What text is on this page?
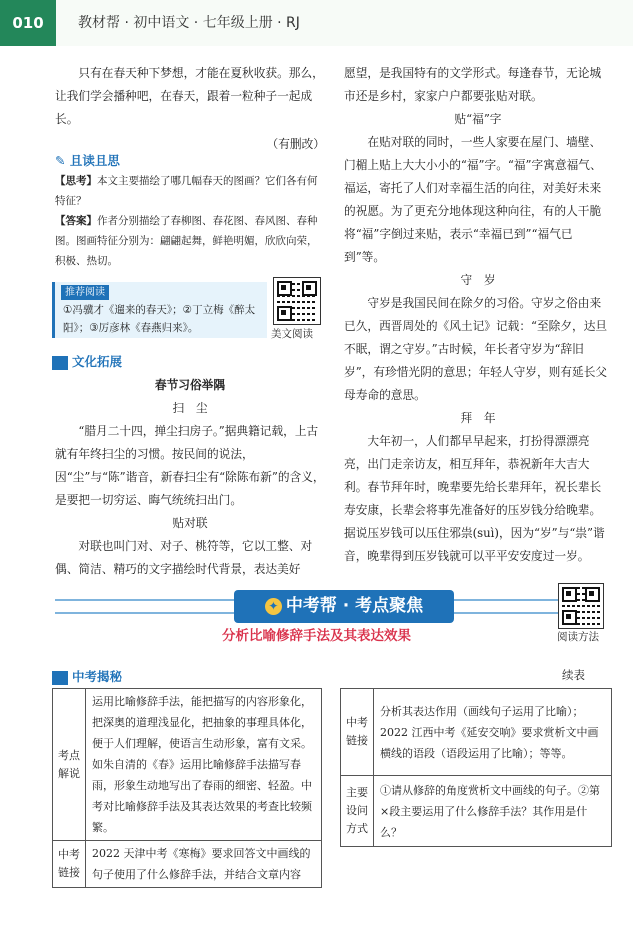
010	教材帮 · 初中语文 · 七年级上册 · RJ

只有在春天种下梦想，才能在夏秋收获。那么，让我们学会播种吧，在春天，跟着一粒种子一起成长。

（有删改）

✎ 且读且思

【思考】本文主要描绘了哪几幅春天的图画？它们各有何特征？

【答案】作者分别描绘了春柳图、春花图、春风图、春种图。图画特征分别为：翩翩起舞，鲜艳明媚，欣欣向荣，积极、热切。

推荐阅读
①冯骥才《遛来的春天》；②丁立梅《醉太阳》；③厉彦林《春燕归来》。	美文阅读
文化拓展

春节习俗举隅

扫　尘

“腊月二十四，掸尘扫房子。”据典籍记载，上古就有年终扫尘的习惯。按民间的说法，因“尘”与“陈”谐音，新春扫尘有“除陈布新”的含义，是要把一切穷运、晦气统统扫出门。

贴对联

对联也叫门对、对子、桃符等，它以工整、对偶、简洁、精巧的文字描绘时代背景，表达美好

愿望，是我国特有的文学形式。每逢春节，无论城市还是乡村，家家户户都要张贴对联。

贴“福”字

在贴对联的同时，一些人家要在屋门、墙壁、门楣上贴上大大小小的“福”字。“福”字寓意福气、福运，寄托了人们对幸福生活的向往，对美好未来的祝愿。为了更充分地体现这种向往，有的人干脆将“福”字倒过来贴，表示“幸福已到”“福气已到”等。

守　岁

守岁是我国民间在除夕的习俗。守岁之俗由来已久，西晋周处的《风土记》记载：“至除夕，达旦不眠，谓之守岁。”古时候，年长者守岁为“辞旧岁”，有珍惜光阴的意思；年轻人守岁，则有延长父母寿命的意思。

拜　年

大年初一，人们都早早起来，打扮得漂漂亮亮，出门走亲访友，相互拜年，恭祝新年大吉大利。春节拜年时，晚辈要先给长辈拜年，祝长辈长寿安康，长辈会将事先准备好的压岁钱分给晚辈。据说压岁钱可以压住邪祟(suì)，因为“岁”与“祟”谐音，晚辈得到压岁钱就可以平平安安度过一岁。

✦ 中考帮 · 考点聚焦
分析比喻修辞手法及其表达效果	阅读方法
中考揭秘	续表
考点解说	运用比喻修辞手法，能把描写的内容形象化，把深奥的道理浅显化，把抽象的事理具体化，便于人们理解，使语言生动形象，富有文采。如朱自清的《春》运用比喻修辞手法描写春雨，形象生动地写出了春雨的细密、轻盈。中考对比喻修辞手法及其表达效果的考查比较频繁。
中考链接	2022 天津中考《寒梅》要求回答文中画线的句子使用了什么修辞手法，并结合文章内容
中考链接	分析其表达作用（画线句子运用了比喻）；2022 江西中考《延安交响》要求赏析文中画横线的语段（语段运用了比喻）；等等。
主要设问方式	①请从修辞的角度赏析文中画线的句子。②第×段主要运用了什么修辞手法？其作用是什么？
